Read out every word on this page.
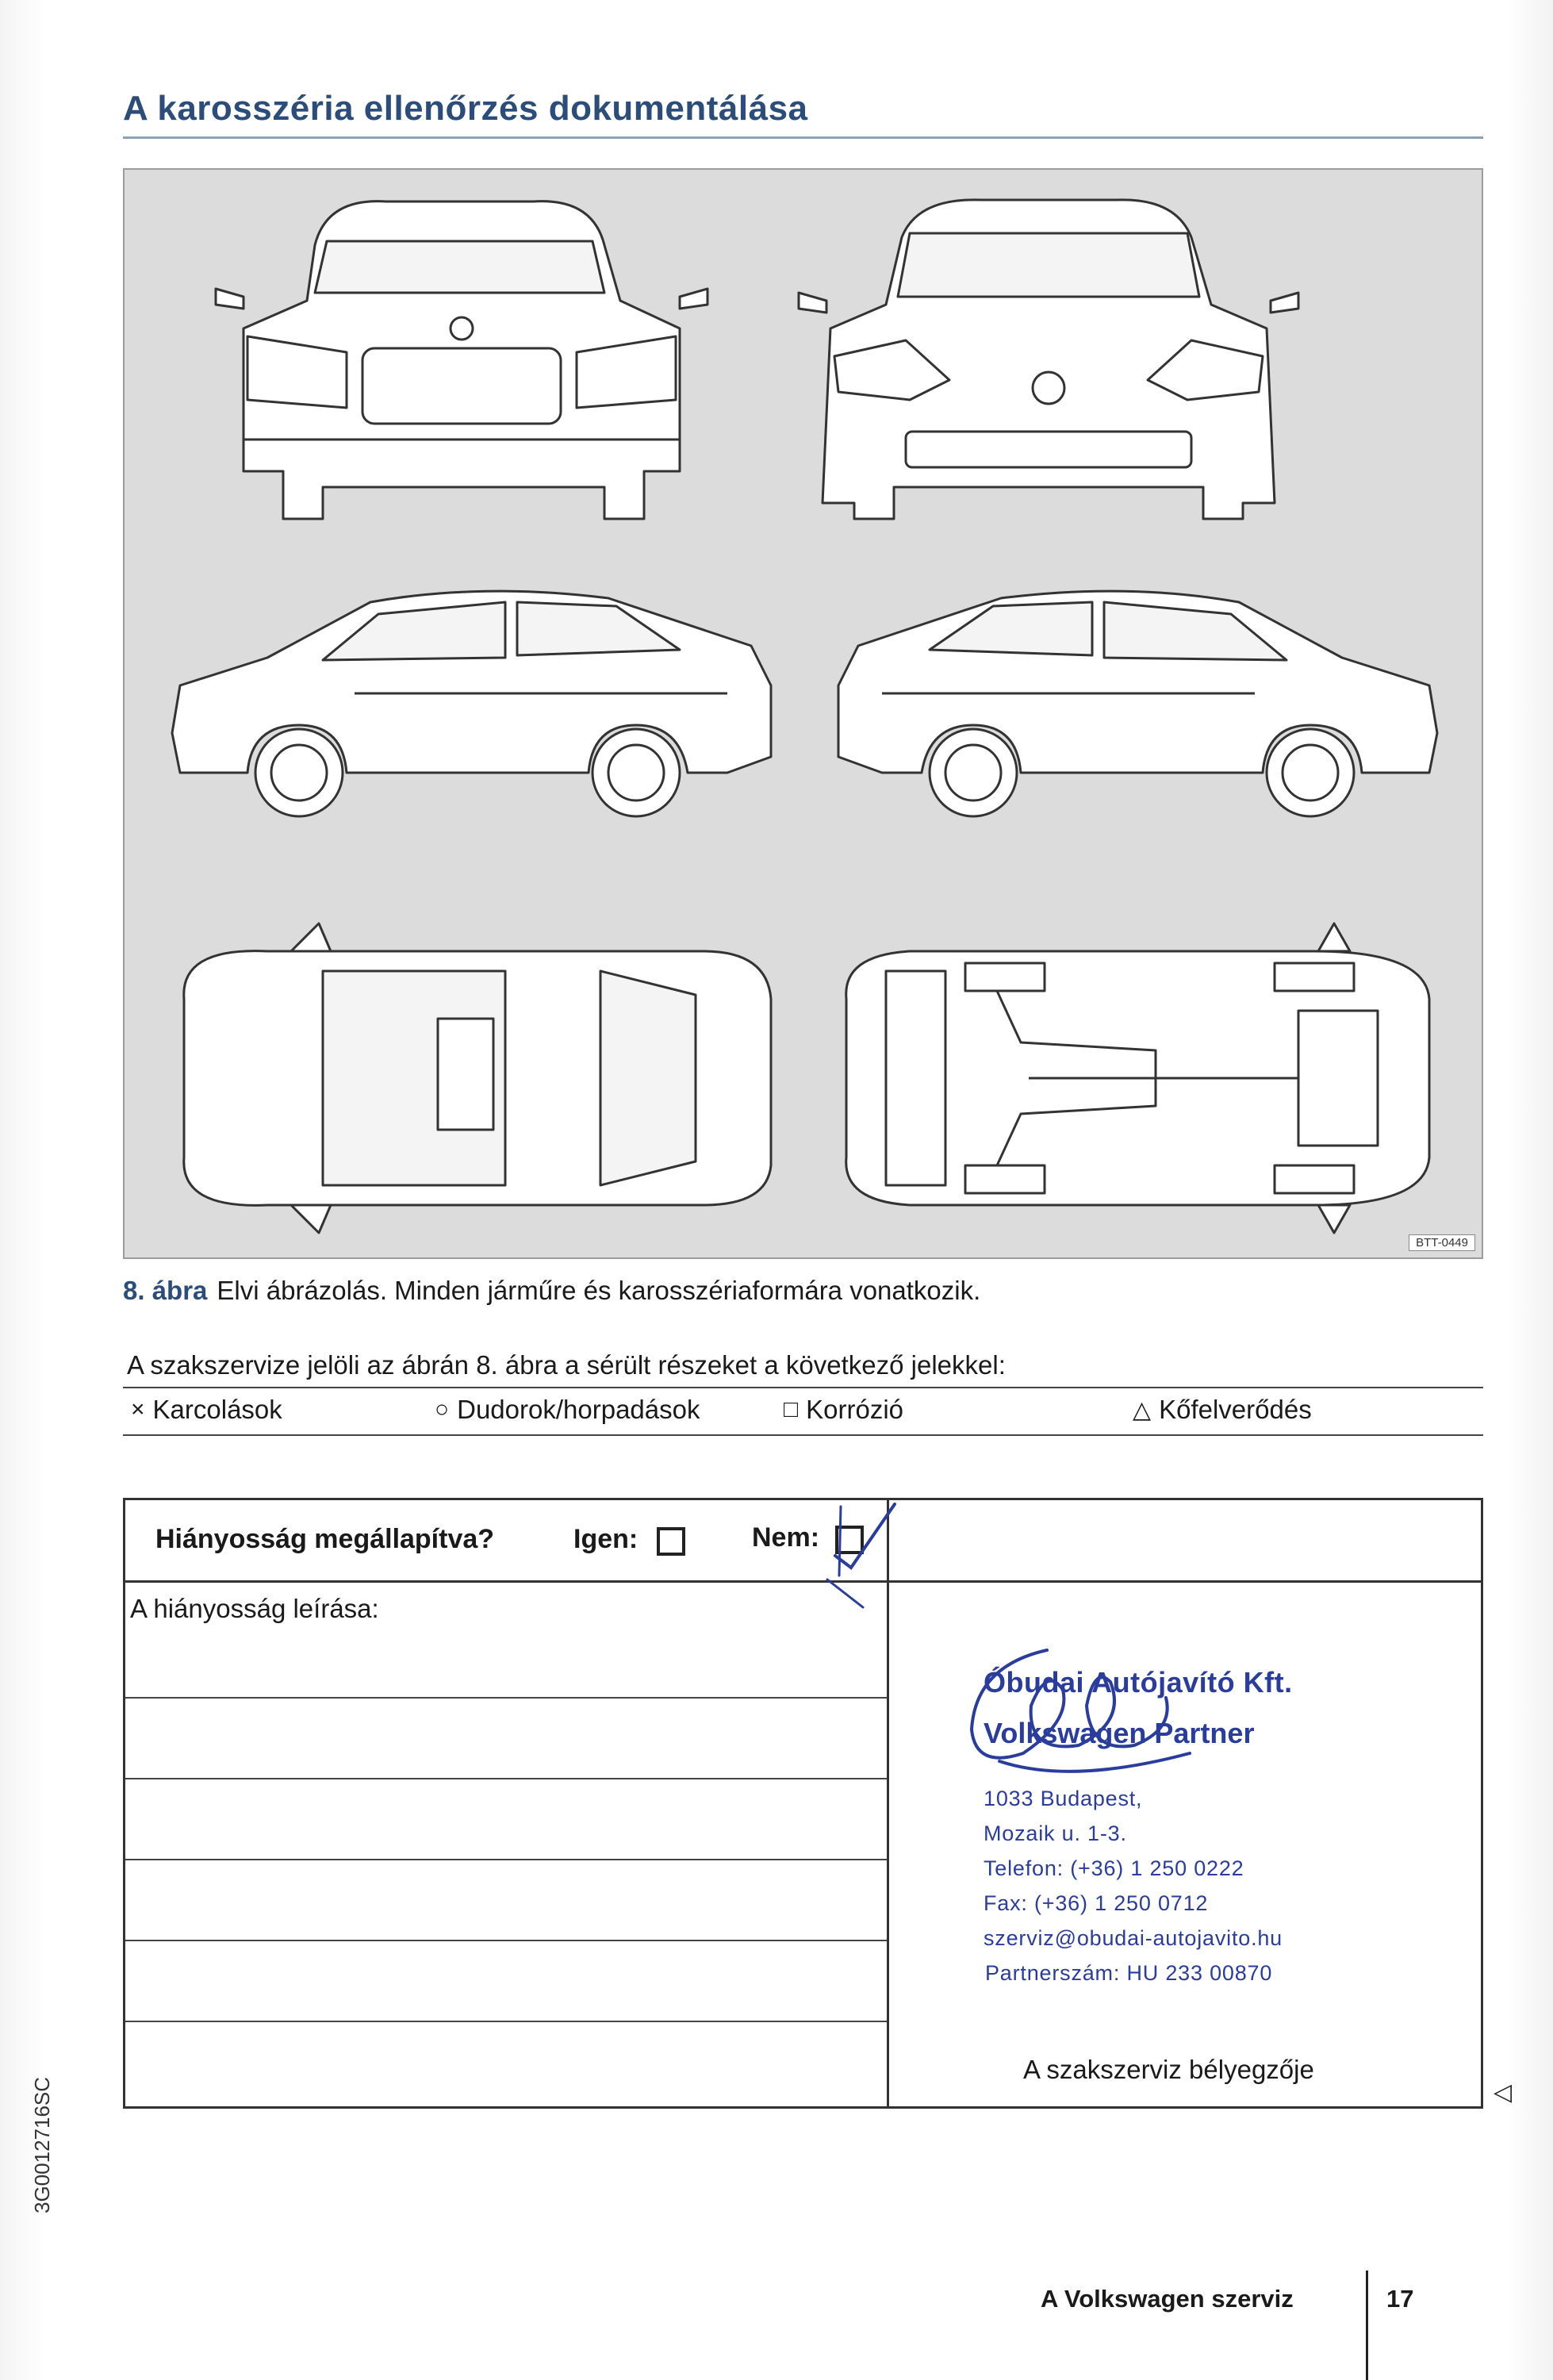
A karosszéria ellenőrzés dokumentálása
BTT-0449
8. ábra Elvi ábrázolás. Minden járműre és karosszériaformára vonatkozik.
A szakszervize jelöli az ábrán 8. ábra a sérült részeket a következő jelekkel:
× Karcolások	○ Dudorok/horpadások	□ Korrózió	△ Kőfelverődés
Hiányosság megállapítva?	Igen:	Nem:
A hiányosság leírása:
Óbudai Autójavító Kft.
Volkswagen Partner
1033 Budapest,
Mozaik u. 1-3.
Telefon: (+36) 1 250 0222
Fax: (+36) 1 250 0712
szerviz@obudai-autojavito.hu
Partnerszám: HU 233 00870
A szakszerviz bélyegzője
3G0012716SC	◁
A Volkswagen szerviz	17
